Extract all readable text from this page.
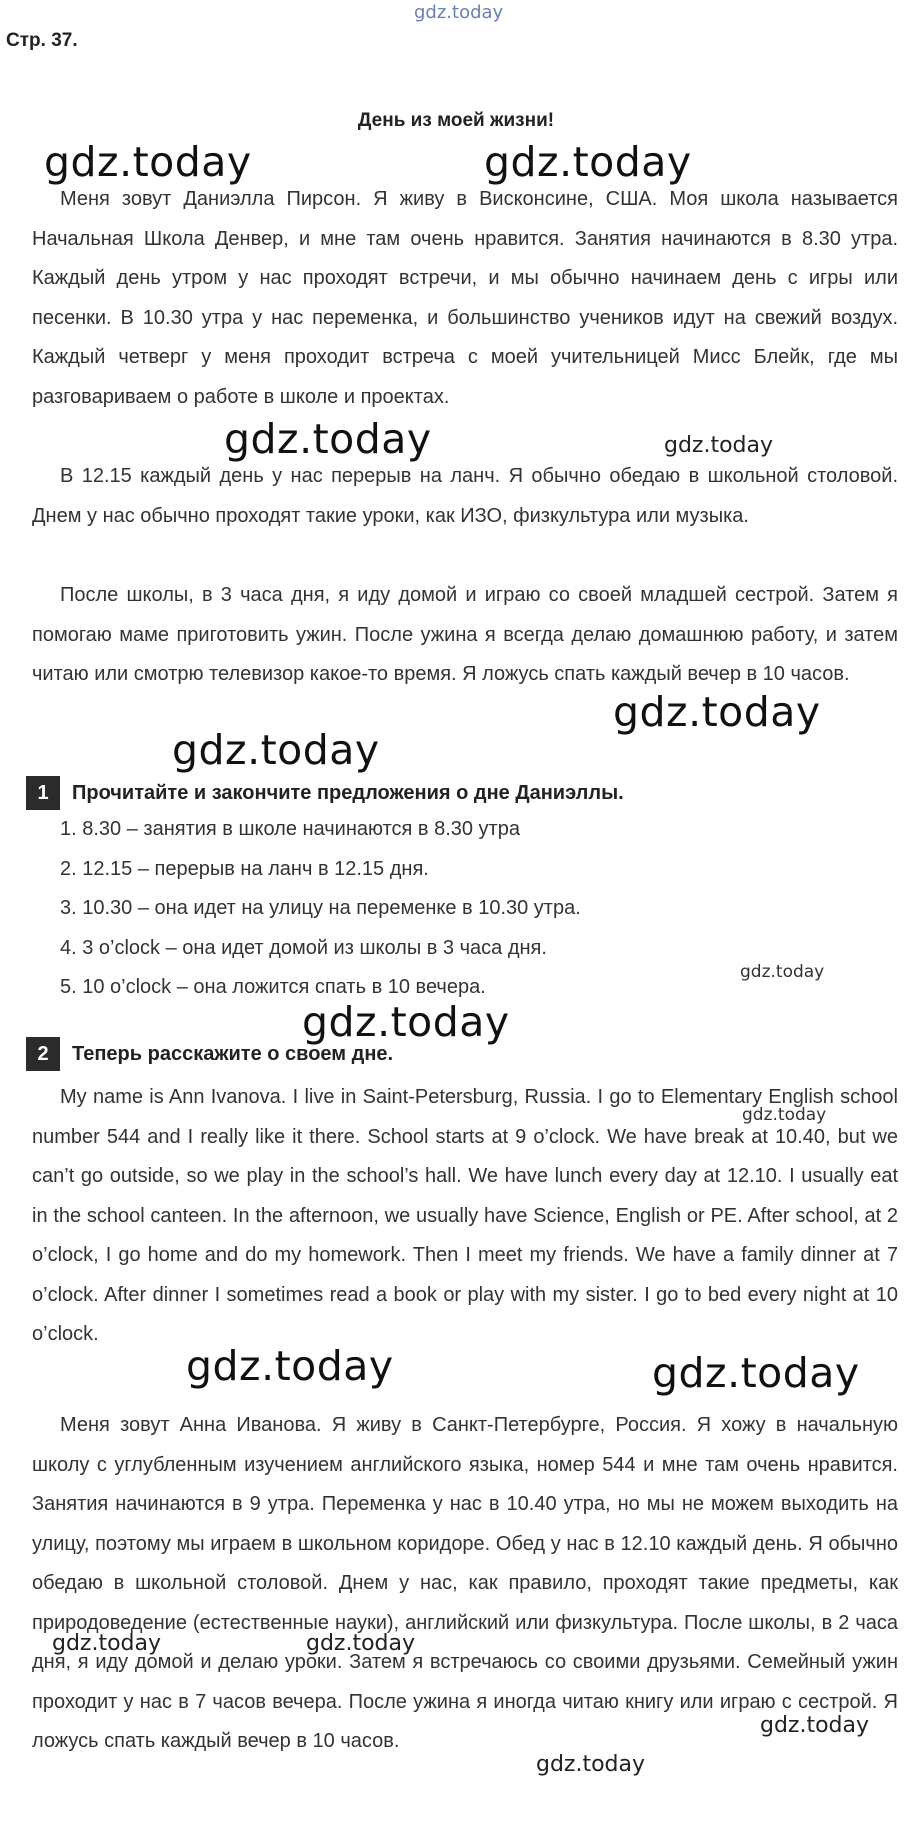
Стр. 37.
День из моей жизни!

Меня зовут Даниэлла Пирсон. Я живу в Висконсине, США. Моя школа называется Начальная Школа Денвер, и мне там очень нравится. Занятия начинаются в 8.30 утра. Каждый день утром у нас проходят встречи, и мы обычно начинаем день с игры или песенки. В 10.30 утра у нас переменка, и большинство учеников идут на свежий воздух. Каждый четверг у меня проходит встреча с моей учительницей Мисс Блейк, где мы разговариваем о работе в школе и проектах.

В 12.15 каждый день у нас перерыв на ланч. Я обычно обедаю в школьной столовой. Днем у нас обычно проходят такие уроки, как ИЗО, физкультура или музыка.

После школы, в 3 часа дня, я иду домой и играю со своей младшей сестрой. Затем я помогаю маме приготовить ужин. После ужина я всегда делаю домашнюю работу, и затем читаю или смотрю телевизор какое-то время. Я ложусь спать каждый вечер в 10 часов.

1	Прочитайте и закончите предложения о дне Даниэллы.
1. 8.30 – занятия в школе начинаются в 8.30 утра
2. 12.15 – перерыв на ланч в 12.15 дня.
3. 10.30 – она идет на улицу на переменке в 10.30 утра.
4. 3 o’clock – она идет домой из школы в 3 часа дня.
5. 10 o’clock – она ложится спать в 10 вечера.
2	Теперь расскажите о своем дне.

My name is Ann Ivanova. I live in Saint-Petersburg, Russia. I go to Elementary English school number 544 and I really like it there. School starts at 9 o’clock. We have break at 10.40, but we can’t go outside, so we play in the school’s hall. We have lunch every day at 12.10. I usually eat in the school canteen. In the afternoon, we usually have Science, English or PE. After school, at 2 o’clock, I go home and do my homework. Then I meet my friends. We have a family dinner at 7 o’clock. After dinner I sometimes read a book or play with my sister. I go to bed every night at 10 o’clock.

Меня зовут Анна Иванова. Я живу в Санкт-Петербурге, Россия. Я хожу в начальную школу с углубленным изучением английского языка, номер 544 и мне там очень нравится. Занятия начинаются в 9 утра. Переменка у нас в 10.40 утра, но мы не можем выходить на улицу, поэтому мы играем в школьном коридоре. Обед у нас в 12.10 каждый день. Я обычно обедаю в школьной столовой. Днем у нас, как правило, проходят такие предметы, как природоведение (естественные науки), английский или физкультура. После школы, в 2 часа дня, я иду домой и делаю уроки. Затем я встречаюсь со своими друзьями. Семейный ужин проходит у нас в 7 часов вечера. После ужина я иногда читаю книгу или играю с сестрой. Я ложусь спать каждый вечер в 10 часов.

gdz.today
gdz.today	gdz.today
gdz.today	gdz.today
gdz.today
gdz.today
gdz.today
gdz.today
gdz.today
gdz.today	gdz.today
gdz.today	gdz.today
gdz.today
gdz.today
